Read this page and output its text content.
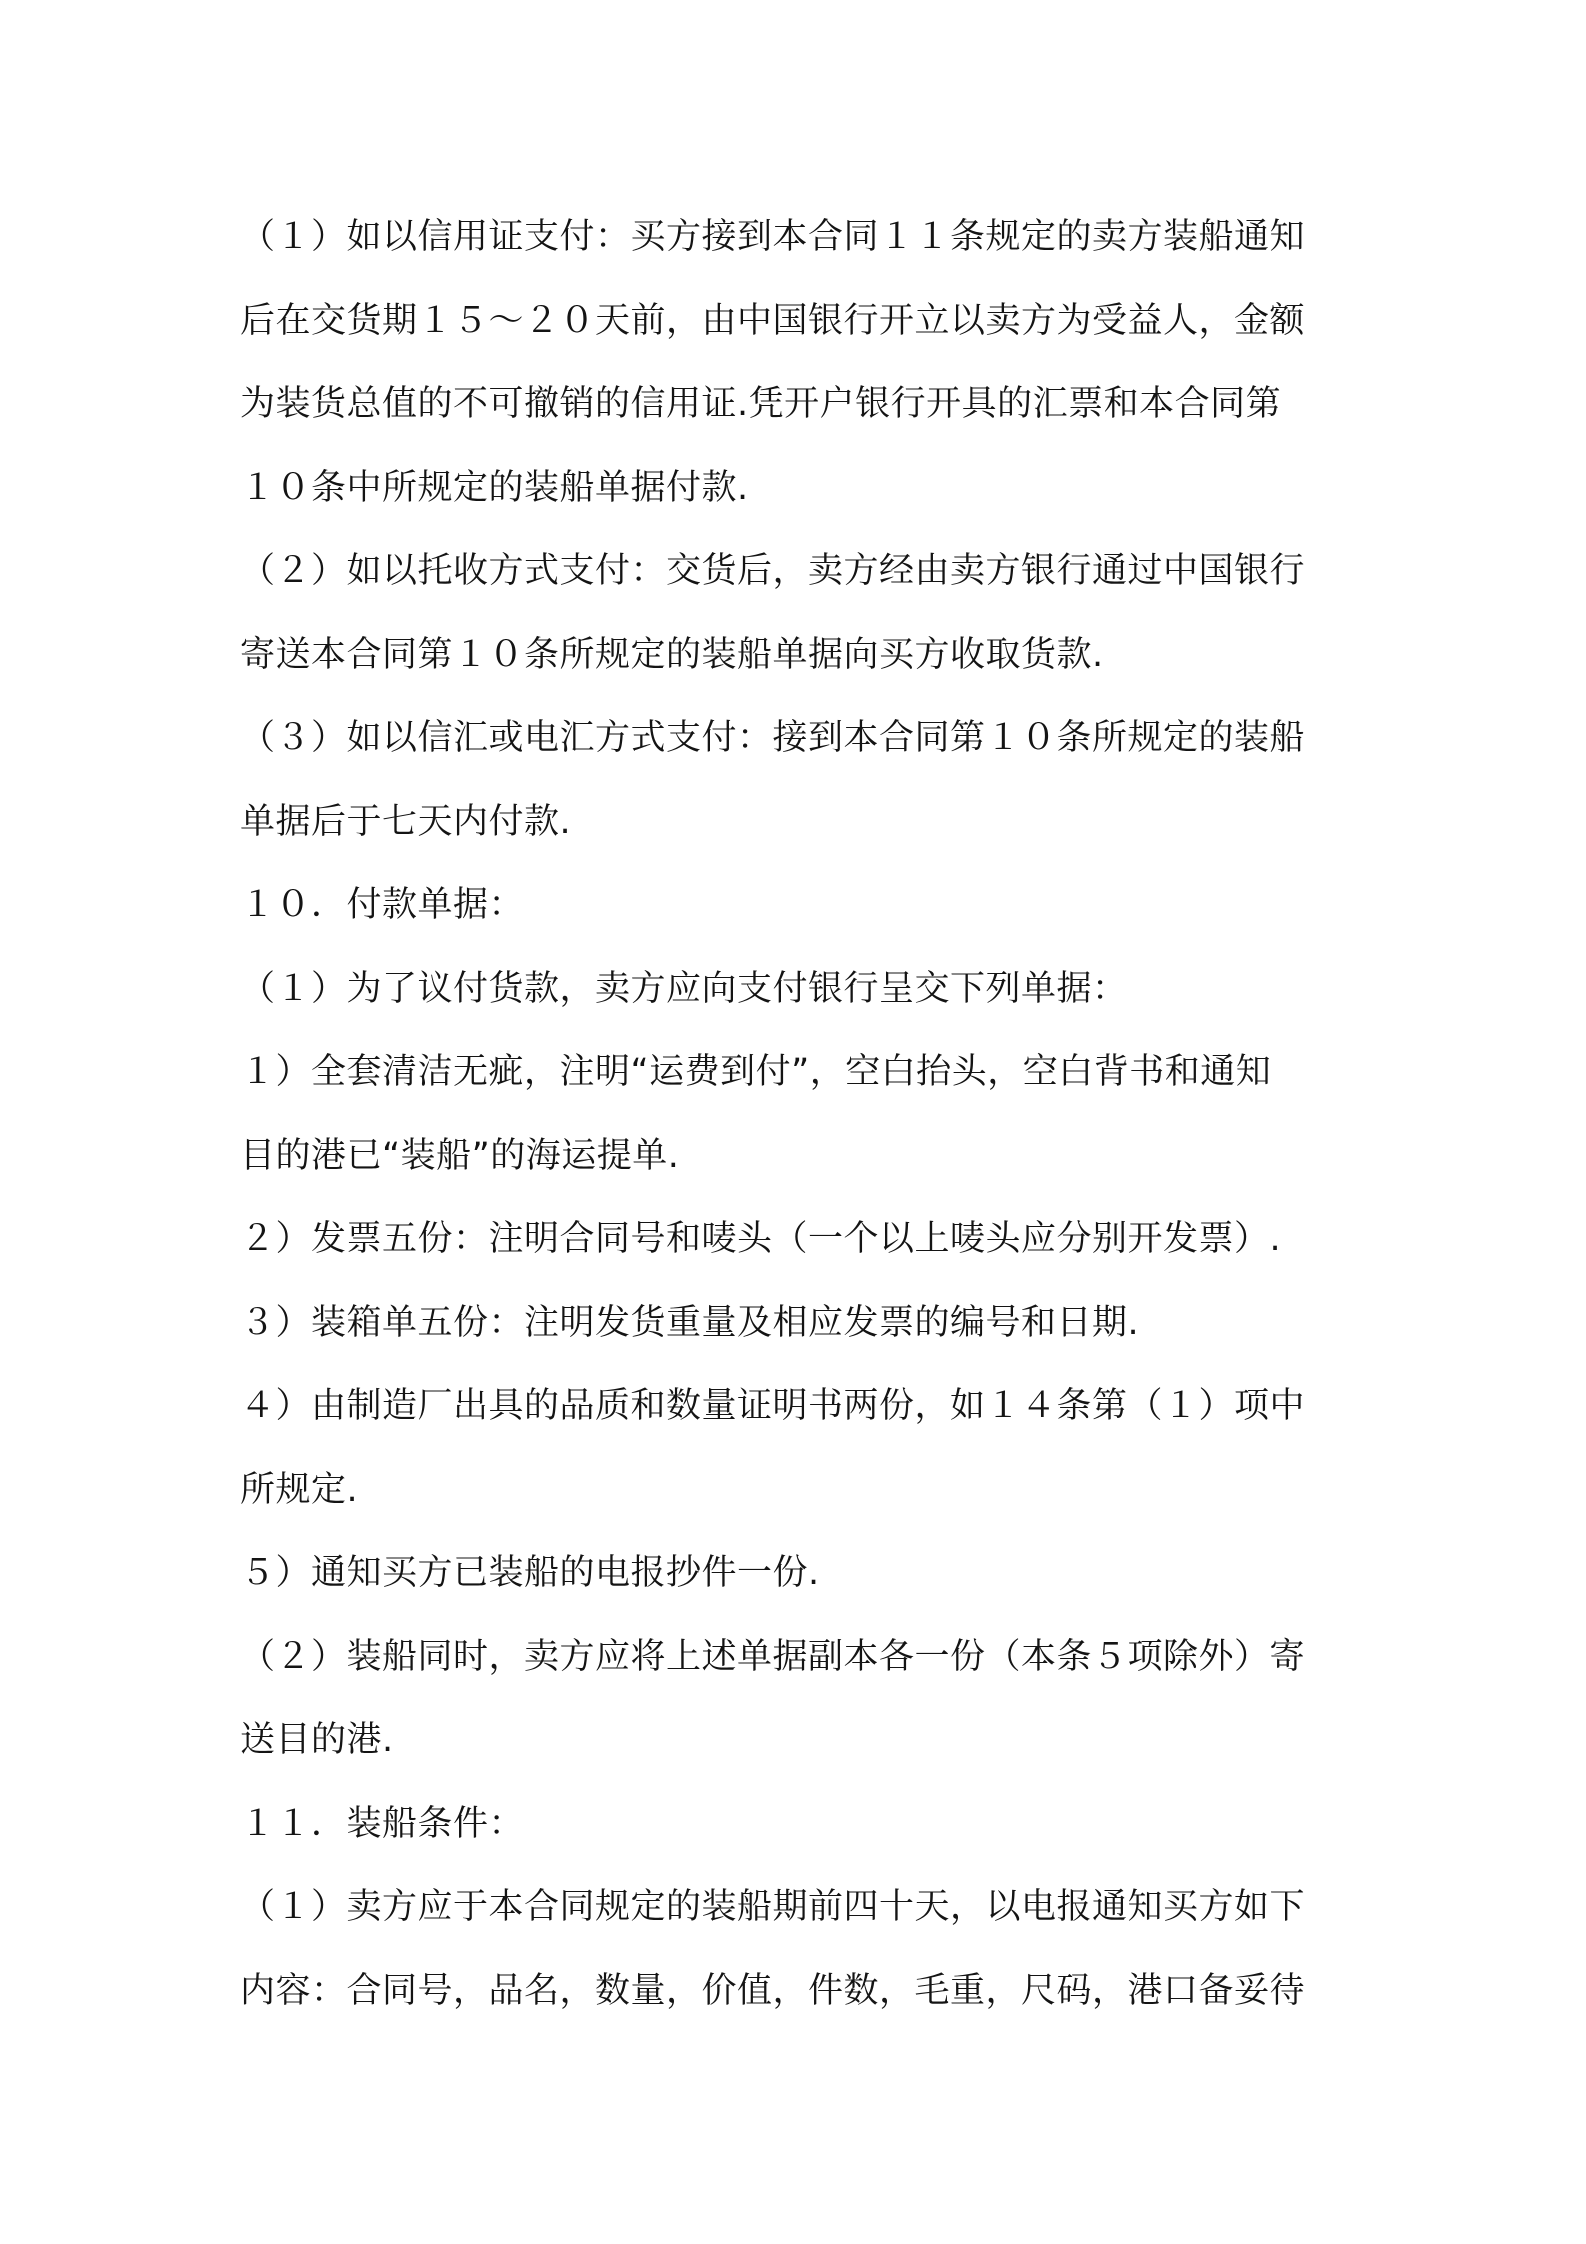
（１）如以信用证支付：买方接到本合同１１条规定的卖方装船通知
后在交货期１５～２０天前，由中国银行开立以卖方为受益人，金额
为装货总值的不可撤销的信用证.凭开户银行开具的汇票和本合同第
１０条中所规定的装船单据付款.
（２）如以托收方式支付：交货后，卖方经由卖方银行通过中国银行
寄送本合同第１０条所规定的装船单据向买方收取货款.
（３）如以信汇或电汇方式支付：接到本合同第１０条所规定的装船
单据后于七天内付款.
１０．付款单据：
（１）为了议付货款，卖方应向支付银行呈交下列单据：
１）全套清洁无疵，注明“运费到付”，空白抬头，空白背书和通知
目的港已“装船”的海运提单.
２）发票五份：注明合同号和唛头（一个以上唛头应分别开发票）.
３）装箱单五份：注明发货重量及相应发票的编号和日期.
４）由制造厂出具的品质和数量证明书两份，如１４条第（１）项中
所规定.
５）通知买方已装船的电报抄件一份.
（２）装船同时，卖方应将上述单据副本各一份（本条５项除外）寄
送目的港.
１１．装船条件：
（１）卖方应于本合同规定的装船期前四十天，以电报通知买方如下
内容：合同号，品名，数量，价值，件数，毛重，尺码，港口备妥待
